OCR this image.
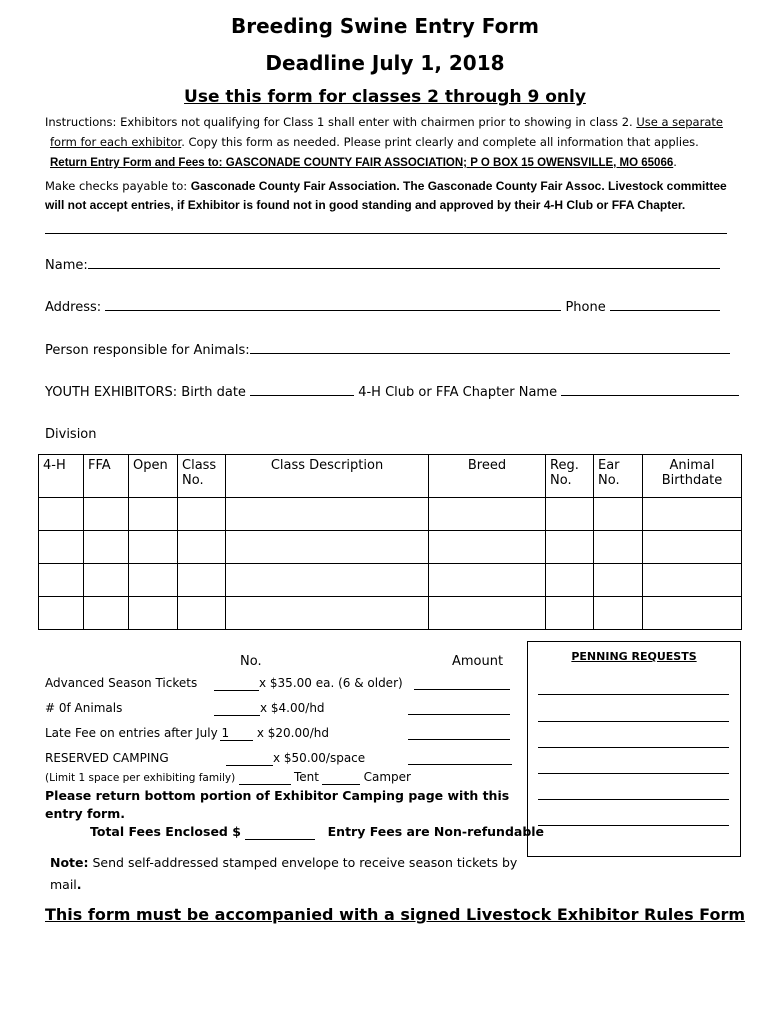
Breeding Swine Entry Form
Deadline July 1, 2018
Use this form for classes 2 through 9 only
Instructions: Exhibitors not qualifying for Class 1 shall enter with chairmen prior to showing in class 2. Use a separate
form for each exhibitor. Copy this form as needed. Please print clearly and complete all information that applies.
Return Entry Form and Fees to: GASCONADE COUNTY FAIR ASSOCIATION; P O BOX 15 OWENSVILLE, MO 65066.
Make checks payable to: Gasconade County Fair Association. The Gasconade County Fair Assoc. Livestock committee will not accept entries, if Exhibitor is found not in good standing and approved by their 4-H Club or FFA Chapter.
Name:
Address:	Phone
Person responsible for Animals:
YOUTH EXHIBITORS: Birth date	4-H Club or FFA Chapter Name
Division
4-H	FFA	Open	Class No.	Class Description	Breed	Reg. No.	Ear No.	Animal Birthdate

No.	Amount
Advanced Season Tickets	x $35.00 ea. (6 & older)
# 0f Animals	x $4.00/hd
Late Fee on entries after July 1	x $20.00/hd
RESERVED CAMPING	x $50.00/space
(Limit 1 space per exhibiting family)	Tent	Camper
Please return bottom portion of Exhibitor Camping page with this entry form.
Total Fees Enclosed $	Entry Fees are Non-refundable
Note: Send self-addressed stamped envelope to receive season tickets by mail.
PENNING REQUESTS
This form must be accompanied with a signed Livestock Exhibitor Rules Form
